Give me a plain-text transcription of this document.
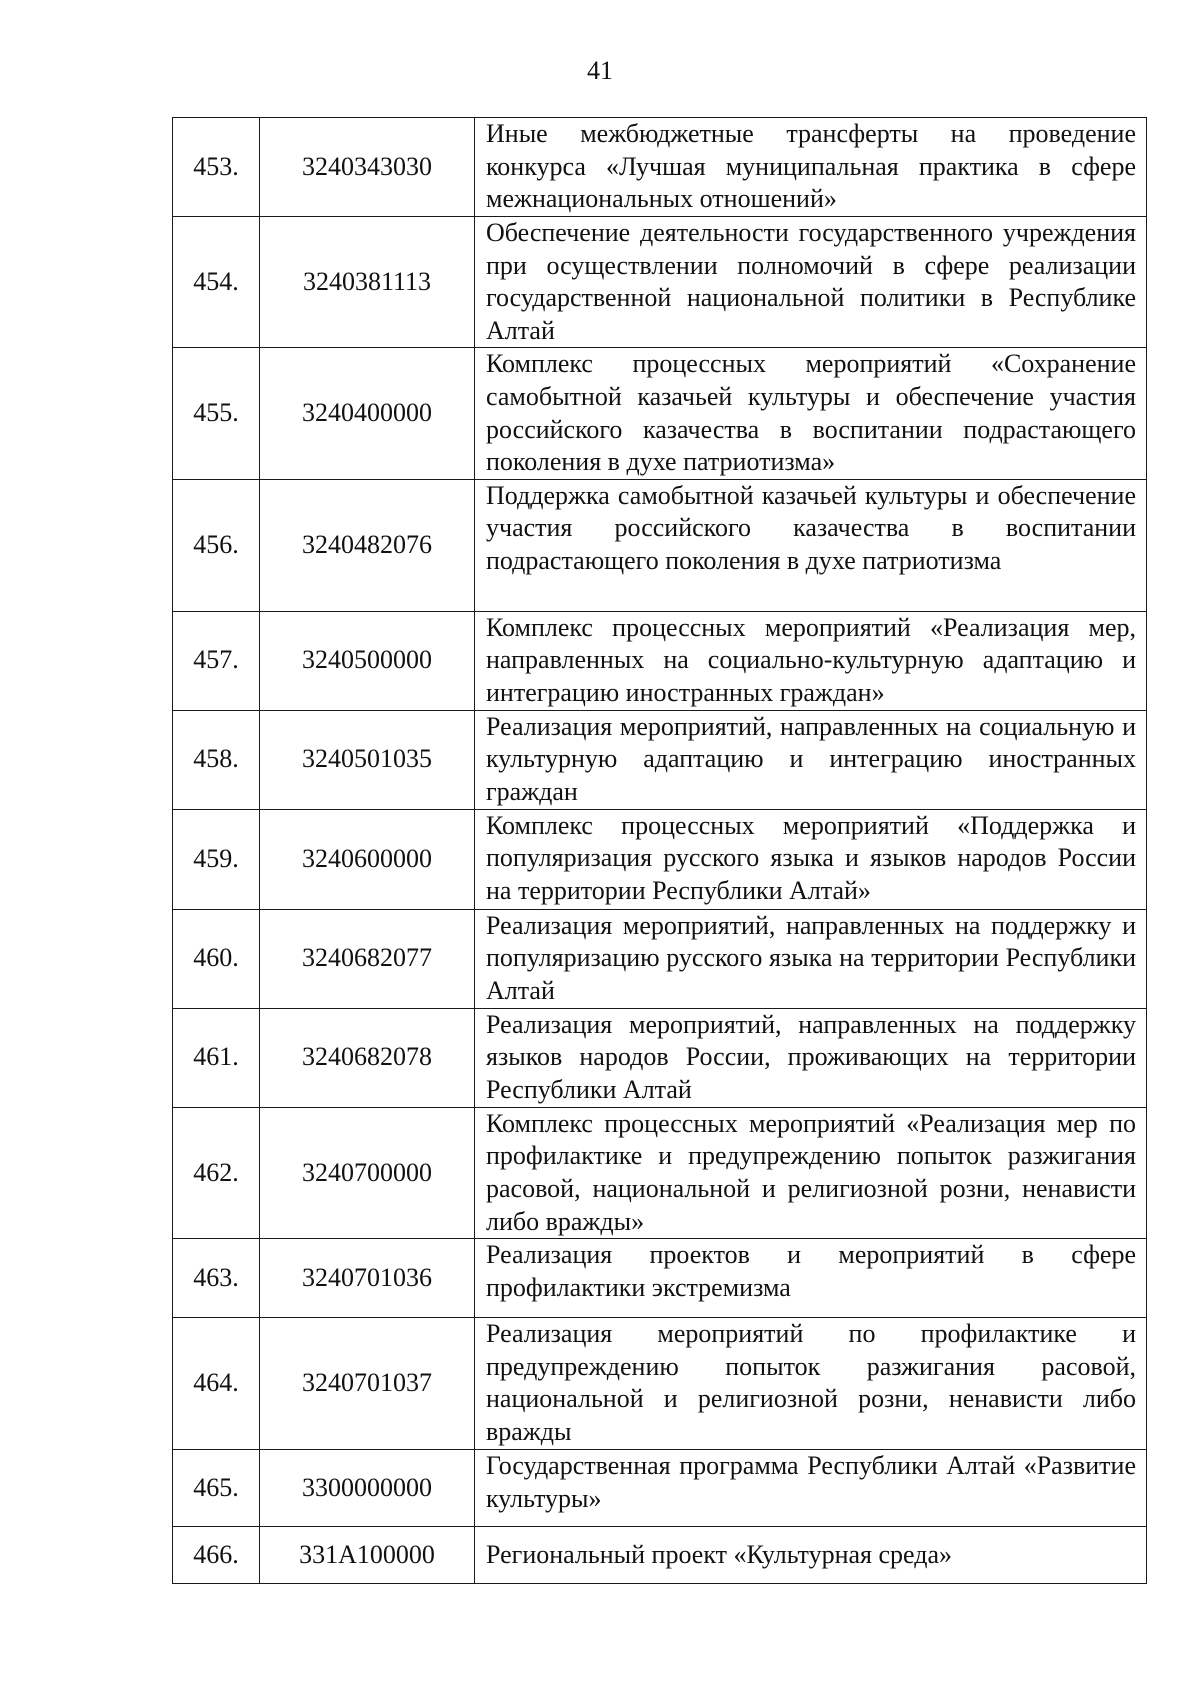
41
453.	3240343030	Иные межбюджетные трансферты на проведение конкурса «Лучшая муниципальная практика в сфере межнациональных отношений»
454.	3240381113	Обеспечение деятельности государственного учреждения при осуществлении полномочий в сфере реализации государственной национальной политики в Республике Алтай
455.	3240400000	Комплекс процессных мероприятий «Сохранение самобытной казачьей культуры и обеспечение участия российского казачества в воспитании подрастающего поколения в духе патриотизма»
456.	3240482076	Поддержка самобытной казачьей культуры и обеспечение участия российского казачества в воспитании подрастающего поколения в духе патриотизма
457.	3240500000	Комплекс процессных мероприятий «Реализация мер, направленных на социально-культурную адаптацию и интеграцию иностранных граждан»
458.	3240501035	Реализация мероприятий, направленных на социальную и культурную адаптацию и интеграцию иностранных граждан
459.	3240600000	Комплекс процессных мероприятий «Поддержка и популяризация русского языка и языков народов России на территории Республики Алтай»
460.	3240682077	Реализация мероприятий, направленных на поддержку и популяризацию русского языка на территории Республики Алтай
461.	3240682078	Реализация мероприятий, направленных на поддержку языков народов России, проживающих на территории Республики Алтай
462.	3240700000	Комплекс процессных мероприятий «Реализация мер по профилактике и предупреждению попыток разжигания расовой, национальной и религиозной розни, ненависти либо вражды»
463.	3240701036	Реализация проектов и мероприятий в сфере профилактики экстремизма
464.	3240701037	Реализация мероприятий по профилактике и предупреждению попыток разжигания расовой, национальной и религиозной розни, ненависти либо вражды
465.	3300000000	Государственная программа Республики Алтай «Развитие культуры»
466.	331А100000	Региональный проект «Культурная среда»
